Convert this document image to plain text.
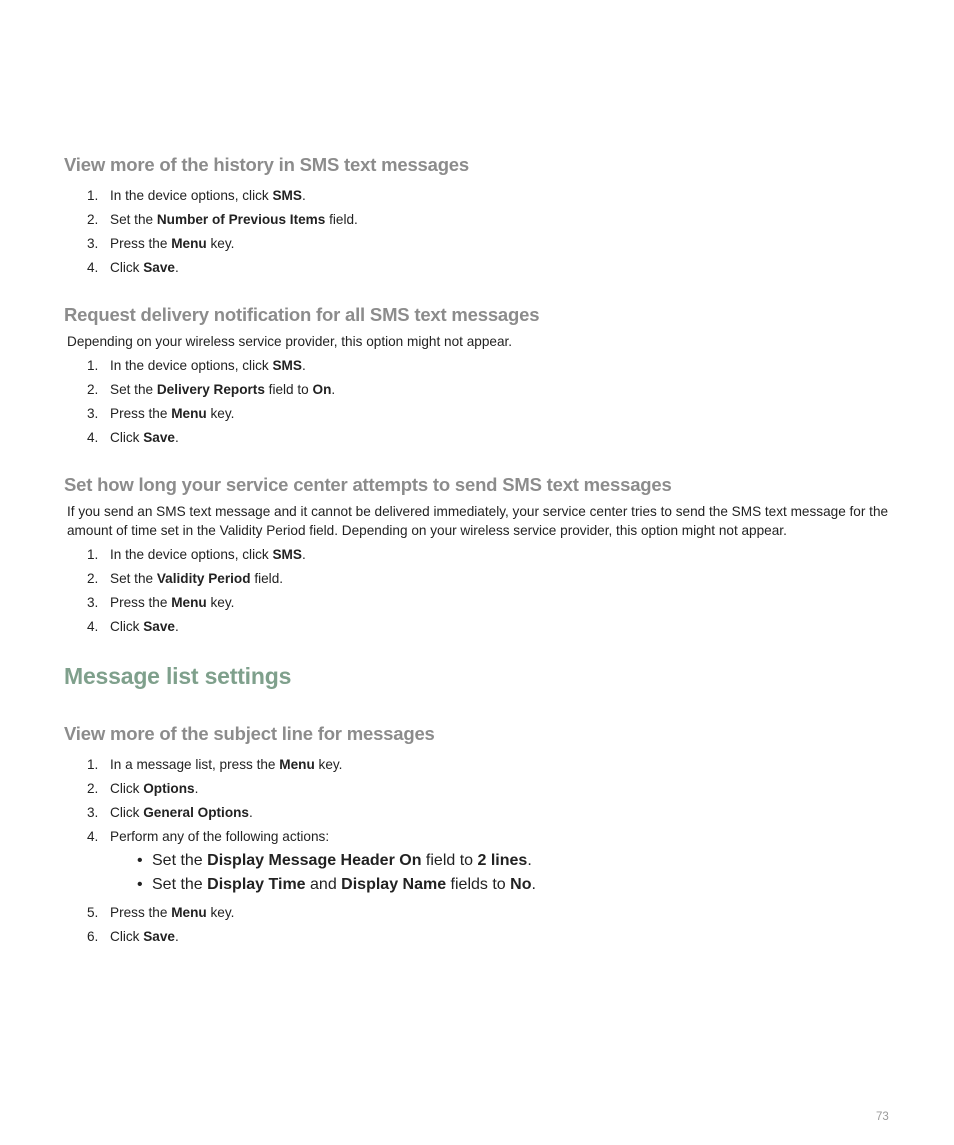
View more of the history in SMS text messages
1. In the device options, click SMS.
2. Set the Number of Previous Items field.
3. Press the Menu key.
4. Click Save.
Request delivery notification for all SMS text messages
Depending on your wireless service provider, this option might not appear.
1. In the device options, click SMS.
2. Set the Delivery Reports field to On.
3. Press the Menu key.
4. Click Save.
Set how long your service center attempts to send SMS text messages
If you send an SMS text message and it cannot be delivered immediately, your service center tries to send the SMS text message for the amount of time set in the Validity Period field. Depending on your wireless service provider, this option might not appear.
1. In the device options, click SMS.
2. Set the Validity Period field.
3. Press the Menu key.
4. Click Save.
Message list settings
View more of the subject line for messages
1. In a message list, press the Menu key.
2. Click Options.
3. Click General Options.
4. Perform any of the following actions:
• Set the Display Message Header On field to 2 lines.
• Set the Display Time and Display Name fields to No.
5. Press the Menu key.
6. Click Save.
73
